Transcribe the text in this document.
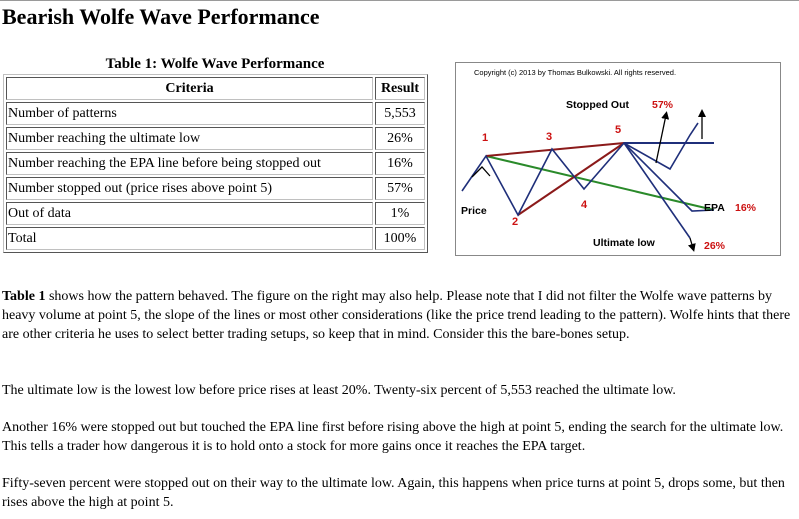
Bearish Wolfe Wave Performance
Table 1: Wolfe Wave Performance
Criteria	Result
Number of patterns	5,553
Number reaching the ultimate low	26%
Number reaching the EPA line before being stopped out	16%
Number stopped out (price rises above point 5)	57%
Out of data	1%
Total	100%
Copyright (c) 2013 by Thomas Bulkowski. All rights reserved.
1
2
3
4
5
Price
Stopped Out 57%
EPA 16%
Ultimate low	26%

Table 1 shows how the pattern behaved. The figure on the right may also help. Please note that I did not filter the Wolfe wave patterns by heavy volume at point 5, the slope of the lines or most other considerations (like the price trend leading to the pattern). Wolfe hints that there are other criteria he uses to select better trading setups, so keep that in mind. Consider this the bare-bones setup.

The ultimate low is the lowest low before price rises at least 20%. Twenty-six percent of 5,553 reached the ultimate low.

Another 16% were stopped out but touched the EPA line first before rising above the high at point 5, ending the search for the ultimate low. This tells a trader how dangerous it is to hold onto a stock for more gains once it reaches the EPA target.

Fifty-seven percent were stopped out on their way to the ultimate low. Again, this happens when price turns at point 5, drops some, but then rises above the high at point 5.
